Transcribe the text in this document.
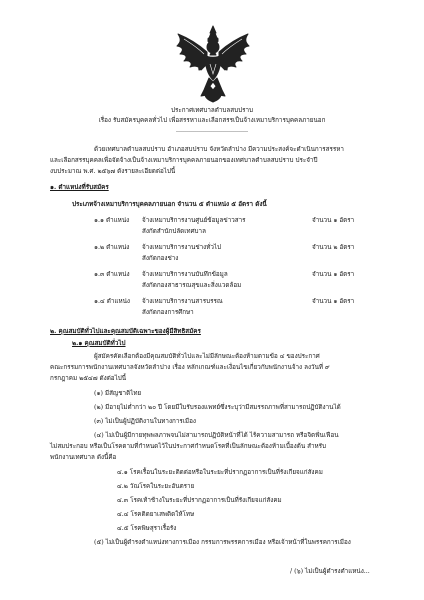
ประกาศเทศบาลตำบลสบปราบ
เรื่อง รับสมัครบุคคลทั่วไป เพื่อสรรหาและเลือกสรรเป็นจ้างเหมาบริการบุคคลภายนอก
....................................
ด้วยเทศบาลตำบลสบปราบ อำเภอสบปราบ จังหวัดลำปาง มีความประสงค์จะดำเนินการสรรหา
และเลือกสรรบุคคลเพื่อจัดจ้างเป็นจ้างเหมาบริการบุคคลภายนอกของเทศบาลตำบลสบปราบ ประจำปี
งบประมาณ พ.ศ. ๒๕๖๗ ดังรายละเอียดต่อไปนี้
๑. ตำแหน่งที่รับสมัคร
ประเภทจ้างเหมาบริการบุคคลภายนอก จำนวน ๕ ตำแหน่ง ๕ อัตรา ดังนี้
๑.๑ ตำแหน่ง จ้างเหมาบริการงานศูนย์ข้อมูลข่าวสาร	จำนวน ๑ อัตรา
สังกัดสำนักปลัดเทศบาล
๑.๒ ตำแหน่ง จ้างเหมาบริการงานช่างทั่วไป	จำนวน ๒ อัตรา
สังกัดกองช่าง
๑.๓ ตำแหน่ง จ้างเหมาบริการงานบันทึกข้อมูล	จำนวน ๑ อัตรา
สังกัดกองสาธารณสุขและสิ่งแวดล้อม
๑.๔ ตำแหน่ง จ้างเหมาบริการงานสารบรรณ	จำนวน ๑ อัตรา
สังกัดกองการศึกษา
๒. คุณสมบัติทั่วไปและคุณสมบัติเฉพาะของผู้มีสิทธิสมัคร
๒.๑ คุณสมบัติทั่วไป
ผู้สมัครคัดเลือกต้องมีคุณสมบัติทั่วไปและไม่มีลักษณะต้องห้ามตามข้อ ๔ ของประกาศ
คณะกรรมการพนักงานเทศบาลจังหวัดลำปาง เรื่อง หลักเกณฑ์และเงื่อนไขเกี่ยวกับพนักงานจ้าง ลงวันที่ ๙
กรกฎาคม ๒๕๔๗ ดังต่อไปนี้
(๑) มีสัญชาติไทย
(๒) มีอายุไม่ต่ำกว่า ๒๐ ปี โดยมีใบรับรองแพทย์ซึ่งระบุว่ามีสมรรถภาพที่สามารถปฏิบัติงานได้
(๓) ไม่เป็นผู้ปฏิบัติงานในทางการเมือง
(๔) ไม่เป็นผู้มีกายทุพพลภาพจนไม่สามารถปฏิบัติหน้าที่ได้ ไร้ความสามารถ หรือจิตฟั่นเฟือน
ไม่สมประกอบ หรือเป็นโรคตามที่กำหนดไว้ในประกาศกำหนดโรคที่เป็นลักษณะต้องห้ามเบื้องต้น สำหรับ
พนักงานเทศบาล ดังนี้คือ
๔.๑ โรคเรื้อนในระยะติดต่อหรือในระยะที่ปรากฏอาการเป็นที่รังเกียจแก่สังคม
๔.๒ วัณโรคในระยะอันตราย
๔.๓ โรคเท้าช้างในระยะที่ปรากฏอาการเป็นที่รังเกียจแก่สังคม
๔.๔ โรคติดยาเสพติดให้โทษ
๔.๕ โรคพิษสุราเรื้อรัง
(๕) ไม่เป็นผู้ดำรงตำแหน่งทางการเมือง กรรมการพรรคการเมือง หรือเจ้าหน้าที่ในพรรคการเมือง
/ (๖) ไม่เป็นผู้ดำรงตำแหน่ง...
